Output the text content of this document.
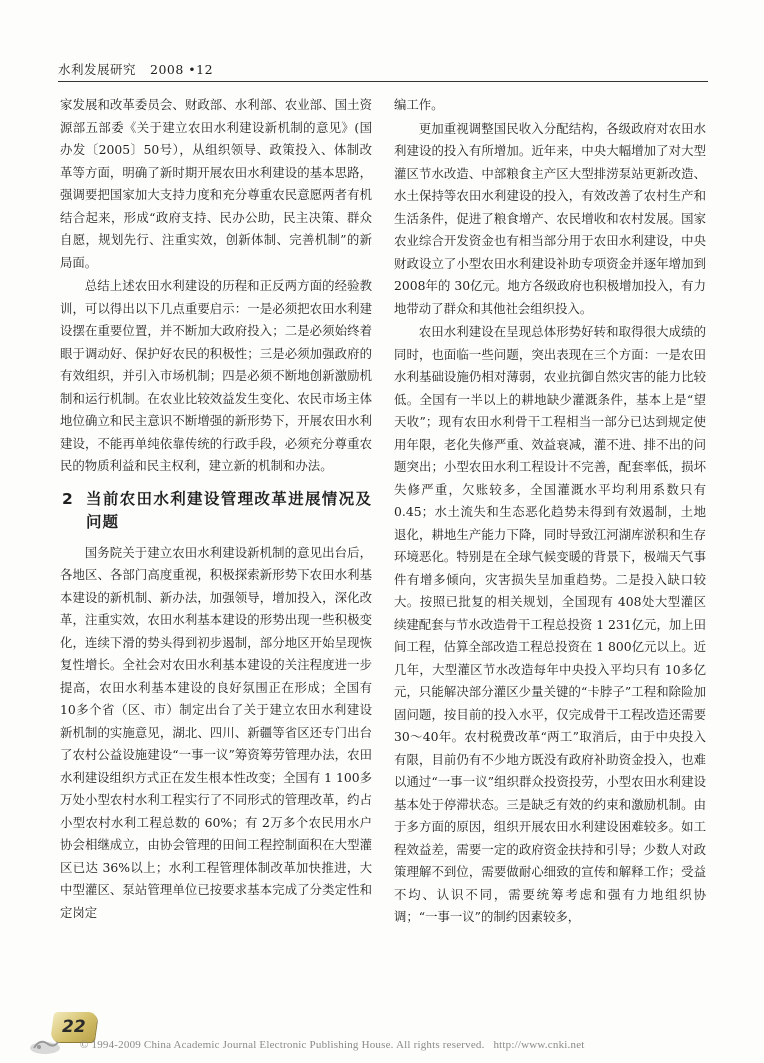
水利发展研究 2008 •12

家发展和改革委员会、财政部、水利部、农业部、国土资源部五部委《关于建立农田水利建设新机制的意见》(国办发〔2005〕50号），从组织领导、政策投入、体制改革等方面，明确了新时期开展农田水利建设的基本思路，强调要把国家加大支持力度和充分尊重农民意愿两者有机结合起来，形成“政府支持、民办公助，民主决策、群众自愿，规划先行、注重实效，创新体制、完善机制”的新局面。

总结上述农田水利建设的历程和正反两方面的经验教训，可以得出以下几点重要启示：一是必须把农田水利建设摆在重要位置，并不断加大政府投入；二是必须始终着眼于调动好、保护好农民的积极性；三是必须加强政府的有效组织，并引入市场机制；四是必须不断地创新激励机制和运行机制。在农业比较效益发生变化、农民市场主体地位确立和民主意识不断增强的新形势下，开展农田水利建设，不能再单纯依靠传统的行政手段，必须充分尊重农民的物质利益和民主权利，建立新的机制和办法。

2 当前农田水利建设管理改革进展情况及问题

国务院关于建立农田水利建设新机制的意见出台后，各地区、各部门高度重视，积极探索新形势下农田水利基本建设的新机制、新办法，加强领导，增加投入，深化改革，注重实效，农田水利基本建设的形势出现一些积极变化，连续下滑的势头得到初步遏制，部分地区开始呈现恢复性增长。全社会对农田水利基本建设的关注程度进一步提高，农田水利基本建设的良好氛围正在形成；全国有 10多个省（区、市）制定出台了关于建立农田水利建设新机制的实施意见，湖北、四川、新疆等省区还专门出台了农村公益设施建设“一事一议”筹资筹劳管理办法，农田水利建设组织方式正在发生根本性改变；全国有 1 100多万处小型农村水利工程实行了不同形式的管理改革，约占小型农村水利工程总数的 60%；有 2万多个农民用水户协会相继成立，由协会管理的田间工程控制面积在大型灌区已达 36%以上；水利工程管理体制改革加快推进，大中型灌区、泵站管理单位已按要求基本完成了分类定性和定岗定

编工作。

更加重视调整国民收入分配结构，各级政府对农田水利建设的投入有所增加。近年来，中央大幅增加了对大型灌区节水改造、中部粮食主产区大型排涝泵站更新改造、水土保持等农田水利建设的投入，有效改善了农村生产和生活条件，促进了粮食增产、农民增收和农村发展。国家农业综合开发资金也有相当部分用于农田水利建设，中央财政设立了小型农田水利建设补助专项资金并逐年增加到 2008年的 30亿元。地方各级政府也积极增加投入，有力地带动了群众和其他社会组织投入。

农田水利建设在呈现总体形势好转和取得很大成绩的同时，也面临一些问题，突出表现在三个方面：一是农田水利基础设施仍相对薄弱，农业抗御自然灾害的能力比较低。全国有一半以上的耕地缺少灌溉条件，基本上是“望天收”；现有农田水利骨干工程相当一部分已达到规定使用年限，老化失修严重、效益衰减，灌不进、排不出的问题突出；小型农田水利工程设计不完善，配套率低，损坏失修严重，欠账较多，全国灌溉水平均利用系数只有 0.45；水土流失和生态恶化趋势未得到有效遏制，土地退化，耕地生产能力下降，同时导致江河湖库淤积和生存环境恶化。特别是在全球气候变暖的背景下，极端天气事件有增多倾向，灾害损失呈加重趋势。二是投入缺口较大。按照已批复的相关规划，全国现有 408处大型灌区续建配套与节水改造骨干工程总投资 1 231亿元，加上田间工程，估算全部改造工程总投资在 1 800亿元以上。近几年，大型灌区节水改造每年中央投入平均只有 10多亿元，只能解决部分灌区少量关键的“卡脖子”工程和除险加固问题，按目前的投入水平，仅完成骨干工程改造还需要 30～40年。农村税费改革“两工”取消后，由于中央投入有限，目前仍有不少地方既没有政府补助资金投入，也难以通过“一事一议”组织群众投资投劳，小型农田水利建设基本处于停滞状态。三是缺乏有效的约束和激励机制。由于多方面的原因，组织开展农田水利建设困难较多。如工程效益差，需要一定的政府资金扶持和引导；少数人对政策理解不到位，需要做耐心细致的宣传和解释工作；受益不均、认识不同，需要统筹考虑和强有力地组织协调；“一事一议”的制约因素较多，

22
© 1994-2009 China Academic Journal Electronic Publishing House. All rights reserved. http://www.cnki.net
